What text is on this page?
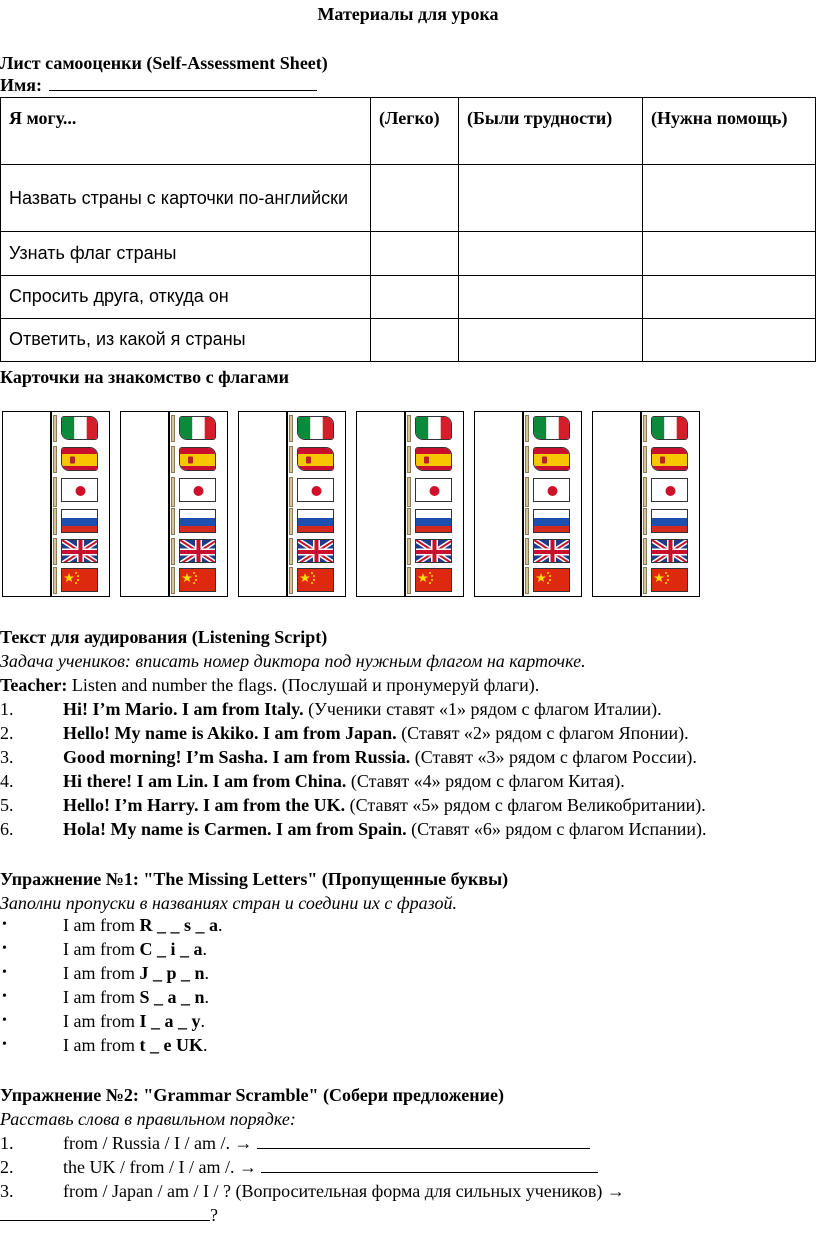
Материалы для урока
Лист самооценки (Self-Assessment Sheet)
Имя:
Я могу...	(Легко)	(Были трудности)	(Нужна помощь)
Назвать страны с карточки по-английски			
Узнать флаг страны			
Спросить друга, откуда он			
Ответить, из какой я страны			
Карточки на знакомство с флагами
Текст для аудирования (Listening Script)
Задача учеников: вписать номер диктора под нужным флагом на карточке.
Teacher: Listen and number the flags. (Послушай и пронумеруй флаги).
1.	Hi! I’m Mario. I am from Italy. (Ученики ставят «1» рядом с флагом Италии).
2.	Hello! My name is Akiko. I am from Japan. (Ставят «2» рядом с флагом Японии).
3.	Good morning! I’m Sasha. I am from Russia. (Ставят «3» рядом с флагом России).
4.	Hi there! I am Lin. I am from China. (Ставят «4» рядом с флагом Китая).
5.	Hello! I’m Harry. I am from the UK. (Ставят «5» рядом с флагом Великобритании).
6.	Hola! My name is Carmen. I am from Spain. (Ставят «6» рядом с флагом Испании).
Упражнение №1: "The Missing Letters" (Пропущенные буквы)
Заполни пропуски в названиях стран и соедини их с фразой.
•	I am from R _ _ s _ a.
•	I am from C _ i _ a.
•	I am from J _ p _ n.
•	I am from S _ a _ n.
•	I am from I _ a _ y.
•	I am from t _ e UK.
Упражнение №2: "Grammar Scramble" (Собери предложение)
Расставь слова в правильном порядке:
1.	from / Russia / I / am /. →
2.	the UK / from / I / am /. →
3.	from / Japan / am / I / ? (Вопросительная форма для сильных учеников) →
?
